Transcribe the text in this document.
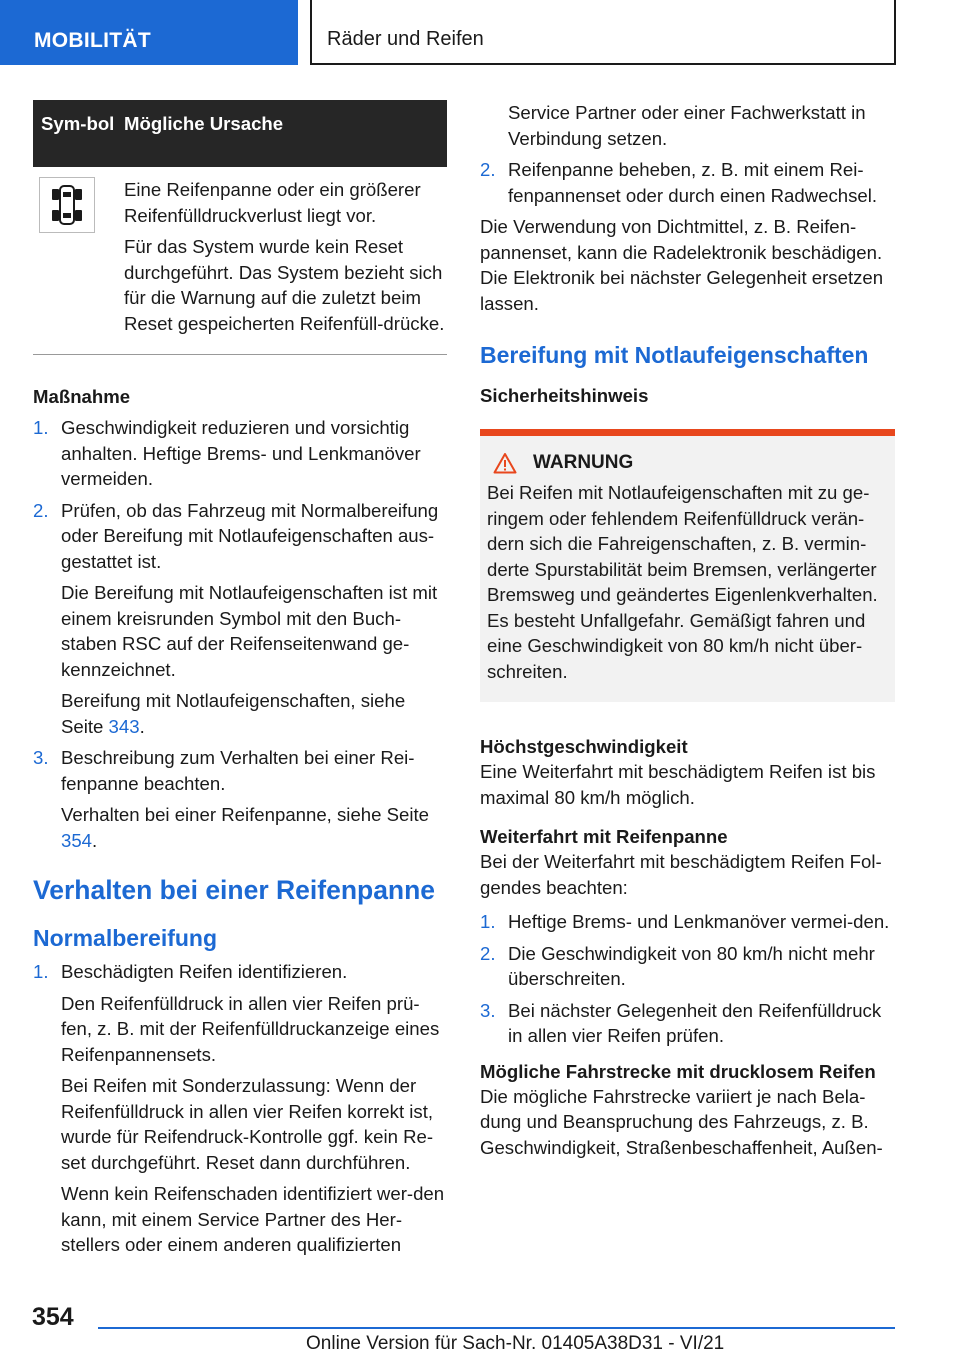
MOBILITÄT	Räder und Reifen
Sym‐bol Mögliche Ursache

Eine Reifenpanne oder ein größerer Reifenfülldruckverlust liegt vor.

Für das System wurde kein Reset durchgeführt. Das System bezieht sich für die Warnung auf die zuletzt beim Reset gespeicherten Reifenfüll‐drücke.

Maßnahme
1. Geschwindigkeit reduzieren und vorsichtig anhalten. Heftige Brems- und Lenkmanöver vermeiden.

2. Prüfen, ob das Fahrzeug mit Normalbereifung oder Bereifung mit Notlaufeigenschaften aus‐gestattet ist.

Die Bereifung mit Notlaufeigenschaften ist mit einem kreisrunden Symbol mit den Buch‐staben RSC auf der Reifenseitenwand ge‐kennzeichnet.

Bereifung mit Notlaufeigenschaften, siehe Seite 343.

3. Beschreibung zum Verhalten bei einer Rei‐fenpanne beachten.

Verhalten bei einer Reifenpanne, siehe Seite 354.

Verhalten bei einer Reifenpanne
Normalbereifung
1. Beschädigten Reifen identifizieren.

Den Reifenfülldruck in allen vier Reifen prü‐fen, z. B. mit der Reifenfülldruckanzeige eines Reifenpannensets.

Bei Reifen mit Sonderzulassung: Wenn der Reifenfülldruck in allen vier Reifen korrekt ist, wurde für Reifendruck-Kontrolle ggf. kein Re‐set durchgeführt. Reset dann durchführen.

Wenn kein Reifenschaden identifiziert wer‐den kann, mit einem Service Partner des Her‐stellers oder einem anderen qualifizierten

Service Partner oder einer Fachwerkstatt in Verbindung setzen.

2. Reifenpanne beheben, z. B. mit einem Rei‐fenpannenset oder durch einen Radwechsel.

Die Verwendung von Dichtmittel, z. B. Reifen‐pannenset, kann die Radelektronik beschädigen. Die Elektronik bei nächster Gelegenheit ersetzen lassen.

Bereifung mit Notlaufeigenschaften
Sicherheitshinweis
WARNUNG

Bei Reifen mit Notlaufeigenschaften mit zu ge‐ringem oder fehlendem Reifenfülldruck verän‐dern sich die Fahreigenschaften, z. B. vermin‐derte Spurstabilität beim Bremsen, verlängerter Bremsweg und geändertes Eigenlenkverhalten. Es besteht Unfallgefahr. Gemäßigt fahren und eine Geschwindigkeit von 80 km/h nicht über‐schreiten.

Höchstgeschwindigkeit

Eine Weiterfahrt mit beschädigtem Reifen ist bis maximal 80 km/h möglich.

Weiterfahrt mit Reifenpanne

Bei der Weiterfahrt mit beschädigtem Reifen Fol‐gendes beachten:

1. Heftige Brems- und Lenkmanöver vermei‐den.

2. Die Geschwindigkeit von 80 km/h nicht mehr überschreiten.

3. Bei nächster Gelegenheit den Reifenfülldruck in allen vier Reifen prüfen.

Mögliche Fahrstrecke mit drucklosem Reifen

Die mögliche Fahrstrecke variiert je nach Bela‐dung und Beanspruchung des Fahrzeugs, z. B. Geschwindigkeit, Straßenbeschaffenheit, Außen‐

354
Online Version für Sach-Nr. 01405A38D31 - VI/21
